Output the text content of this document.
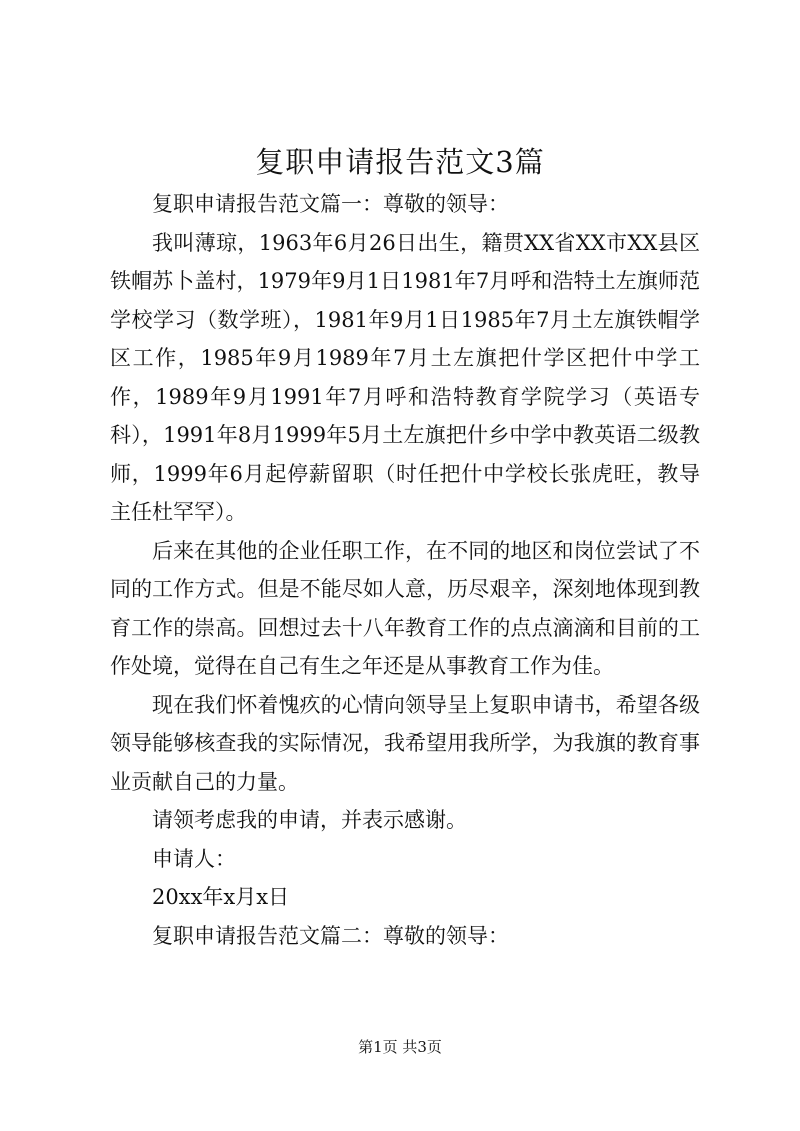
复职申请报告范文3篇

复职申请报告范文篇一：尊敬的领导：

我叫薄琼，1963年6月26日出生，籍贯XX省XX市XX县区铁帽苏卜盖村，1979年9月1日1981年7月呼和浩特土左旗师范学校学习（数学班），1981年9月1日1985年7月土左旗铁帽学区工作，1985年9月1989年7月土左旗把什学区把什中学工作，1989年9月1991年7月呼和浩特教育学院学习（英语专科），1991年8月1999年5月土左旗把什乡中学中教英语二级教师，1999年6月起停薪留职（时任把什中学校长张虎旺，教导主任杜罕罕）。

后来在其他的企业任职工作，在不同的地区和岗位尝试了不同的工作方式。但是不能尽如人意，历尽艰辛，深刻地体现到教育工作的崇高。回想过去十八年教育工作的点点滴滴和目前的工作处境，觉得在自己有生之年还是从事教育工作为佳。

现在我们怀着愧疚的心情向领导呈上复职申请书，希望各级领导能够核查我的实际情况，我希望用我所学，为我旗的教育事业贡献自己的力量。

请领考虑我的申请，并表示感谢。

申请人：

20xx年x月x日

复职申请报告范文篇二：尊敬的领导：

第1页 共3页
